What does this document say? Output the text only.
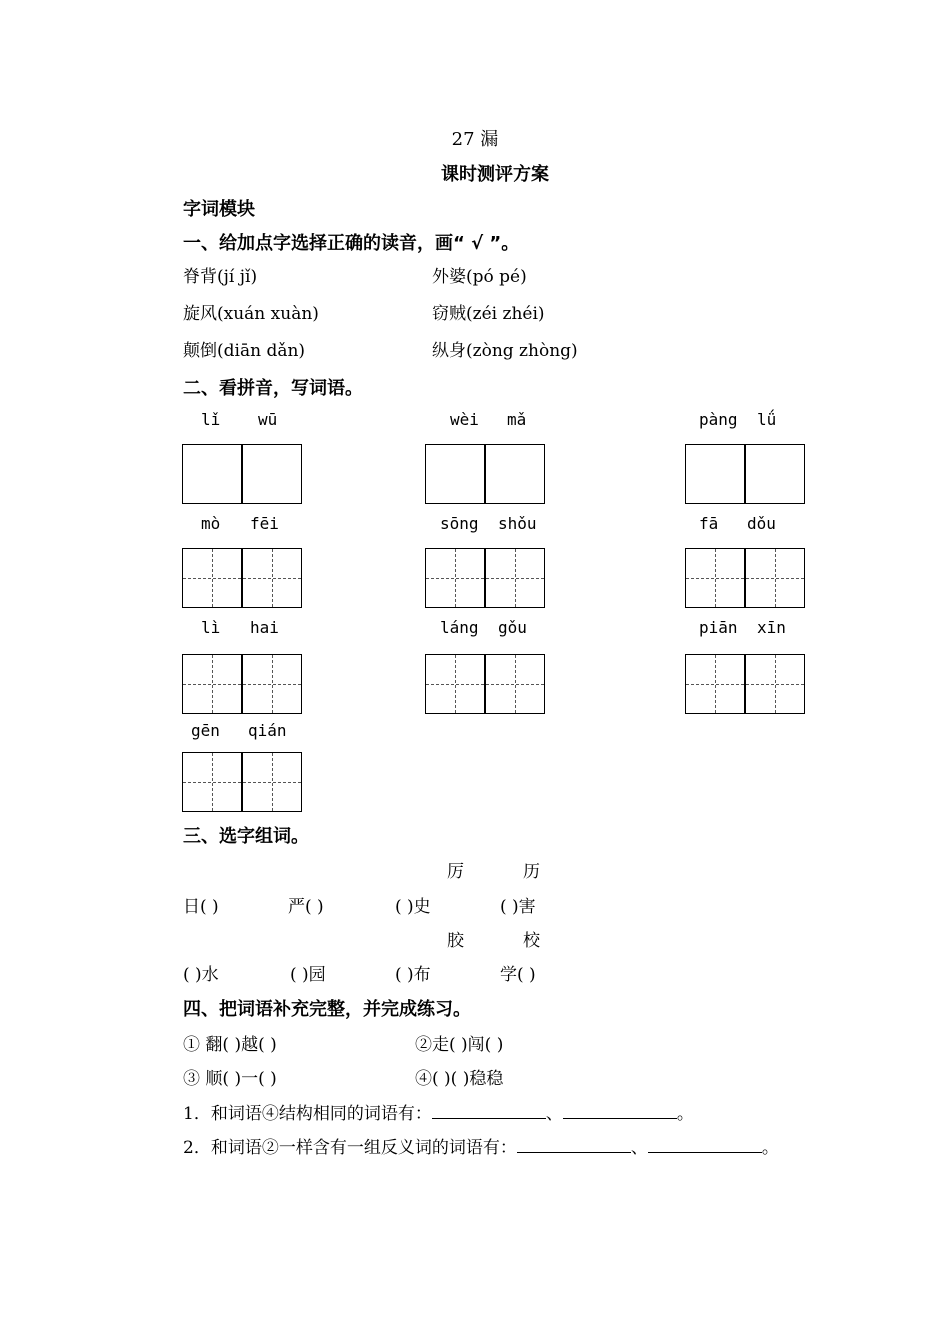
27 漏
课时测评方案
字词模块
一、给加点字选择正确的读音，画“ √ ”。
脊背(jí jǐ)	外婆(pó pé)
旋风(xuán xuàn)	窃贼(zéi zhéi)
颠倒(diān dǎn)	纵身(zòng zhòng)
二、看拼音，写词语。
lǐ wū	wèi mǎ	pàng lǘ
mò fēi	sōng shǒu	fā dǒu
lì hai	láng gǒu	piān xīn
gēn qián
三、选字组词。
厉	历
日( )	严( )	( )史	( )害
胶	校
( )水	( )园	( )布	学( )
四、把词语补充完整，并完成练习。
① 翻( )越( )	②走( )闯( )
③ 顺( )一( )	④( )( )稳稳
1．和词语④结构相同的词语有：	、	。
2．和词语②一样含有一组反义词的词语有：	、	。
